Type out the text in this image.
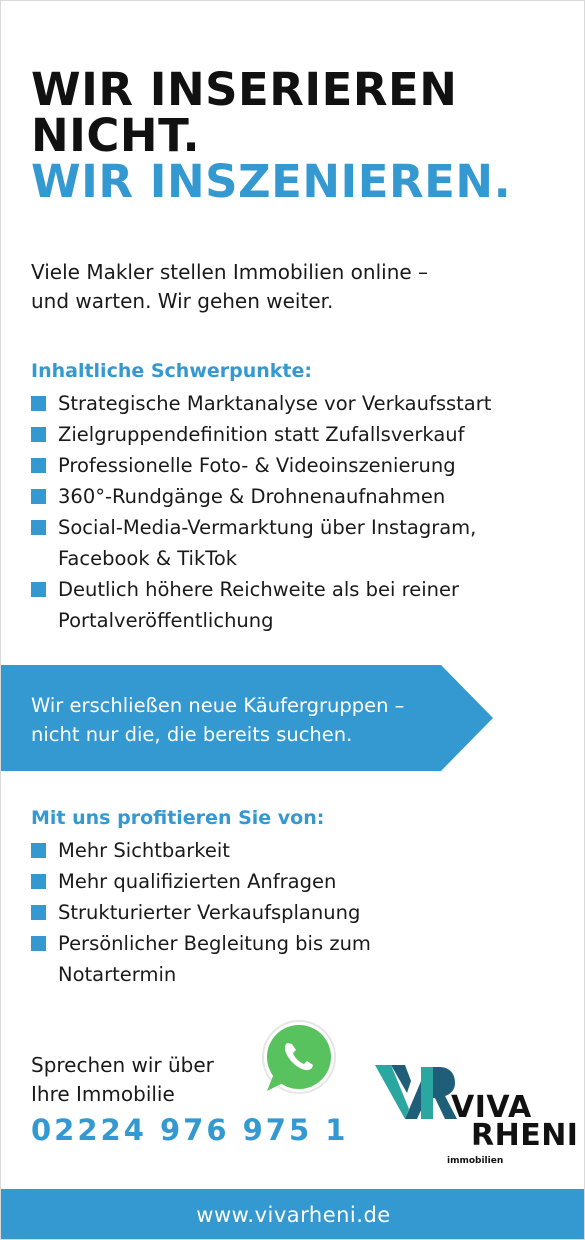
WIR INSERIEREN
NICHT.
WIR INSZENIEREN.

Viele Makler stellen Immobilien online –
und warten. Wir gehen weiter.

Inhaltliche Schwerpunkte:
Strategische Marktanalyse vor Verkaufsstart
Zielgruppendefinition statt Zufallsverkauf
Professionelle Foto- & Videoinszenierung
360°-Rundgänge & Drohnenaufnahmen
Social-Media-Vermarktung über Instagram,
Facebook & TikTok
Deutlich höhere Reichweite als bei reiner
Portalveröffentlichung

Wir erschließen neue Käufergruppen –
nicht nur die, die bereits suchen.

Mit uns profitieren Sie von:
Mehr Sichtbarkeit
Mehr qualifizierten Anfragen
Strukturierter Verkaufsplanung
Persönlicher Begleitung bis zum
Notartermin

Sprechen wir über
Ihre Immobilie

02224 976 975 1
VIVA
RHENI
immobilien
www.vivarheni.de
